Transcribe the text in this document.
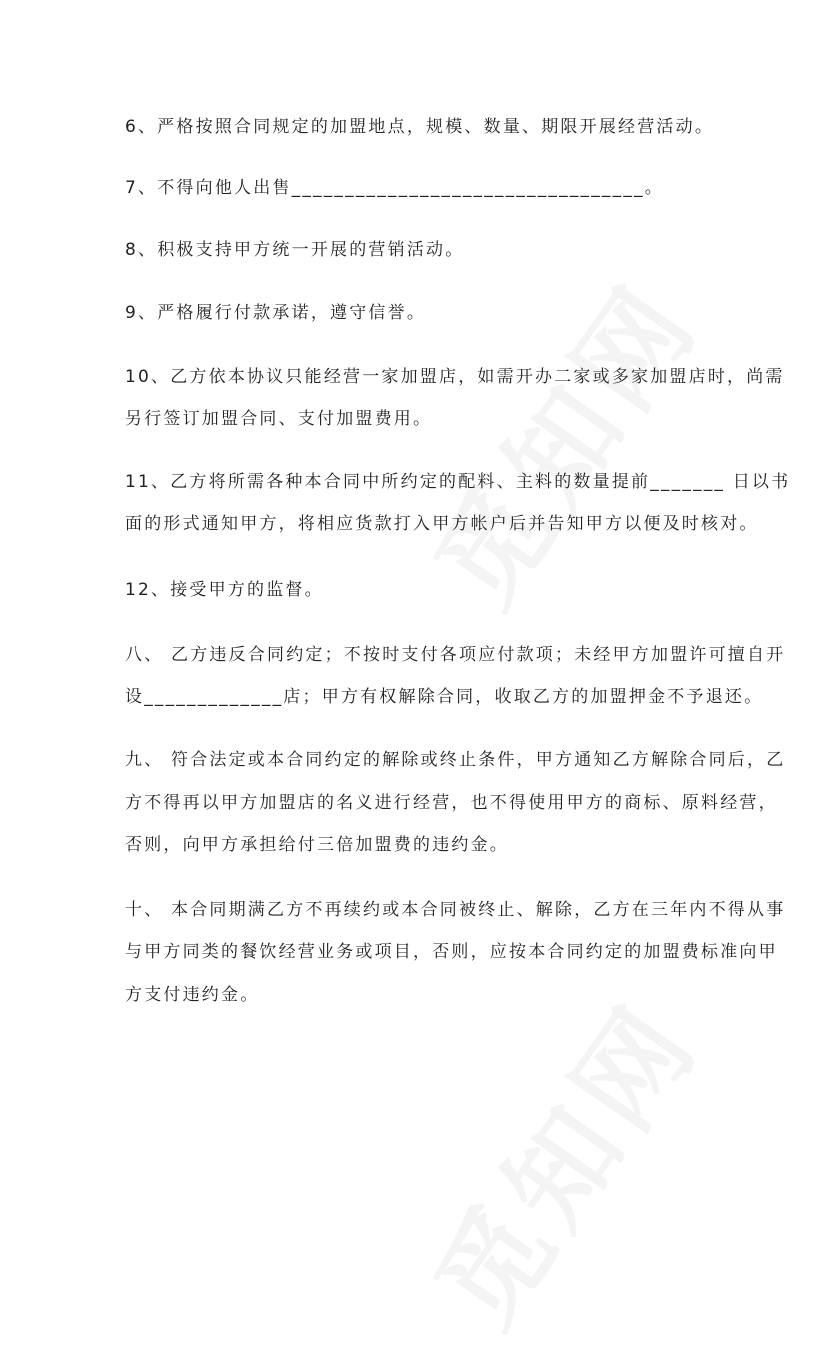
6、严格按照合同规定的加盟地点，规模、数量、期限开展经营活动。
7、不得向他人出售_________________________________。
8、积极支持甲方统一开展的营销活动。
9、严格履行付款承诺，遵守信誉。
10、乙方依本协议只能经营一家加盟店，如需开办二家或多家加盟店时，尚需
另行签订加盟合同、支付加盟费用。
11、乙方将所需各种本合同中所约定的配料、主料的数量提前_______ 日以书
面的形式通知甲方，将相应货款打入甲方帐户后并告知甲方以便及时核对。
12、接受甲方的监督。
八、 乙方违反合同约定；不按时支付各项应付款项；未经甲方加盟许可擅自开
设_____________店；甲方有权解除合同，收取乙方的加盟押金不予退还。
九、 符合法定或本合同约定的解除或终止条件，甲方通知乙方解除合同后，乙
方不得再以甲方加盟店的名义进行经营，也不得使用甲方的商标、原料经营，
否则，向甲方承担给付三倍加盟费的违约金。
十、 本合同期满乙方不再续约或本合同被终止、解除，乙方在三年内不得从事
与甲方同类的餐饮经营业务或项目，否则，应按本合同约定的加盟费标准向甲
方支付违约金。
